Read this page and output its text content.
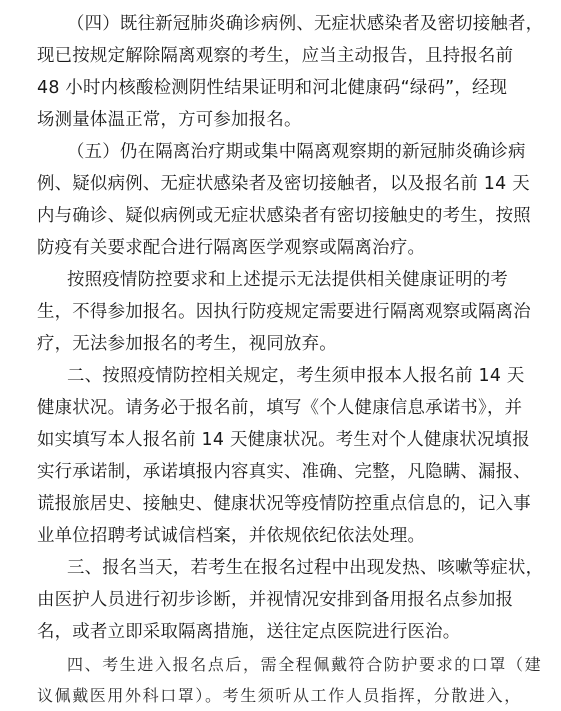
（四）既往新冠肺炎确诊病例、无症状感染者及密切接触者，
现已按规定解除隔离观察的考生，应当主动报告，且持报名前
48 小时内核酸检测阴性结果证明和河北健康码“绿码”，经现
场测量体温正常，方可参加报名。
（五）仍在隔离治疗期或集中隔离观察期的新冠肺炎确诊病
例、疑似病例、无症状感染者及密切接触者，以及报名前 14 天
内与确诊、疑似病例或无症状感染者有密切接触史的考生，按照
防疫有关要求配合进行隔离医学观察或隔离治疗。
按照疫情防控要求和上述提示无法提供相关健康证明的考
生，不得参加报名。因执行防疫规定需要进行隔离观察或隔离治
疗，无法参加报名的考生，视同放弃。
二、按照疫情防控相关规定，考生须申报本人报名前 14 天
健康状况。请务必于报名前，填写《个人健康信息承诺书》，并
如实填写本人报名前 14 天健康状况。考生对个人健康状况填报
实行承诺制，承诺填报内容真实、准确、完整，凡隐瞒、漏报、
谎报旅居史、接触史、健康状况等疫情防控重点信息的，记入事
业单位招聘考试诚信档案，并依规依纪依法处理。
三、报名当天，若考生在报名过程中出现发热、咳嗽等症状，
由医护人员进行初步诊断，并视情况安排到备用报名点参加报
名，或者立即采取隔离措施，送往定点医院进行医治。
四、考生进入报名点后，需全程佩戴符合防护要求的口罩（建
议佩戴医用外科口罩）。考生须听从工作人员指挥，分散进入，
